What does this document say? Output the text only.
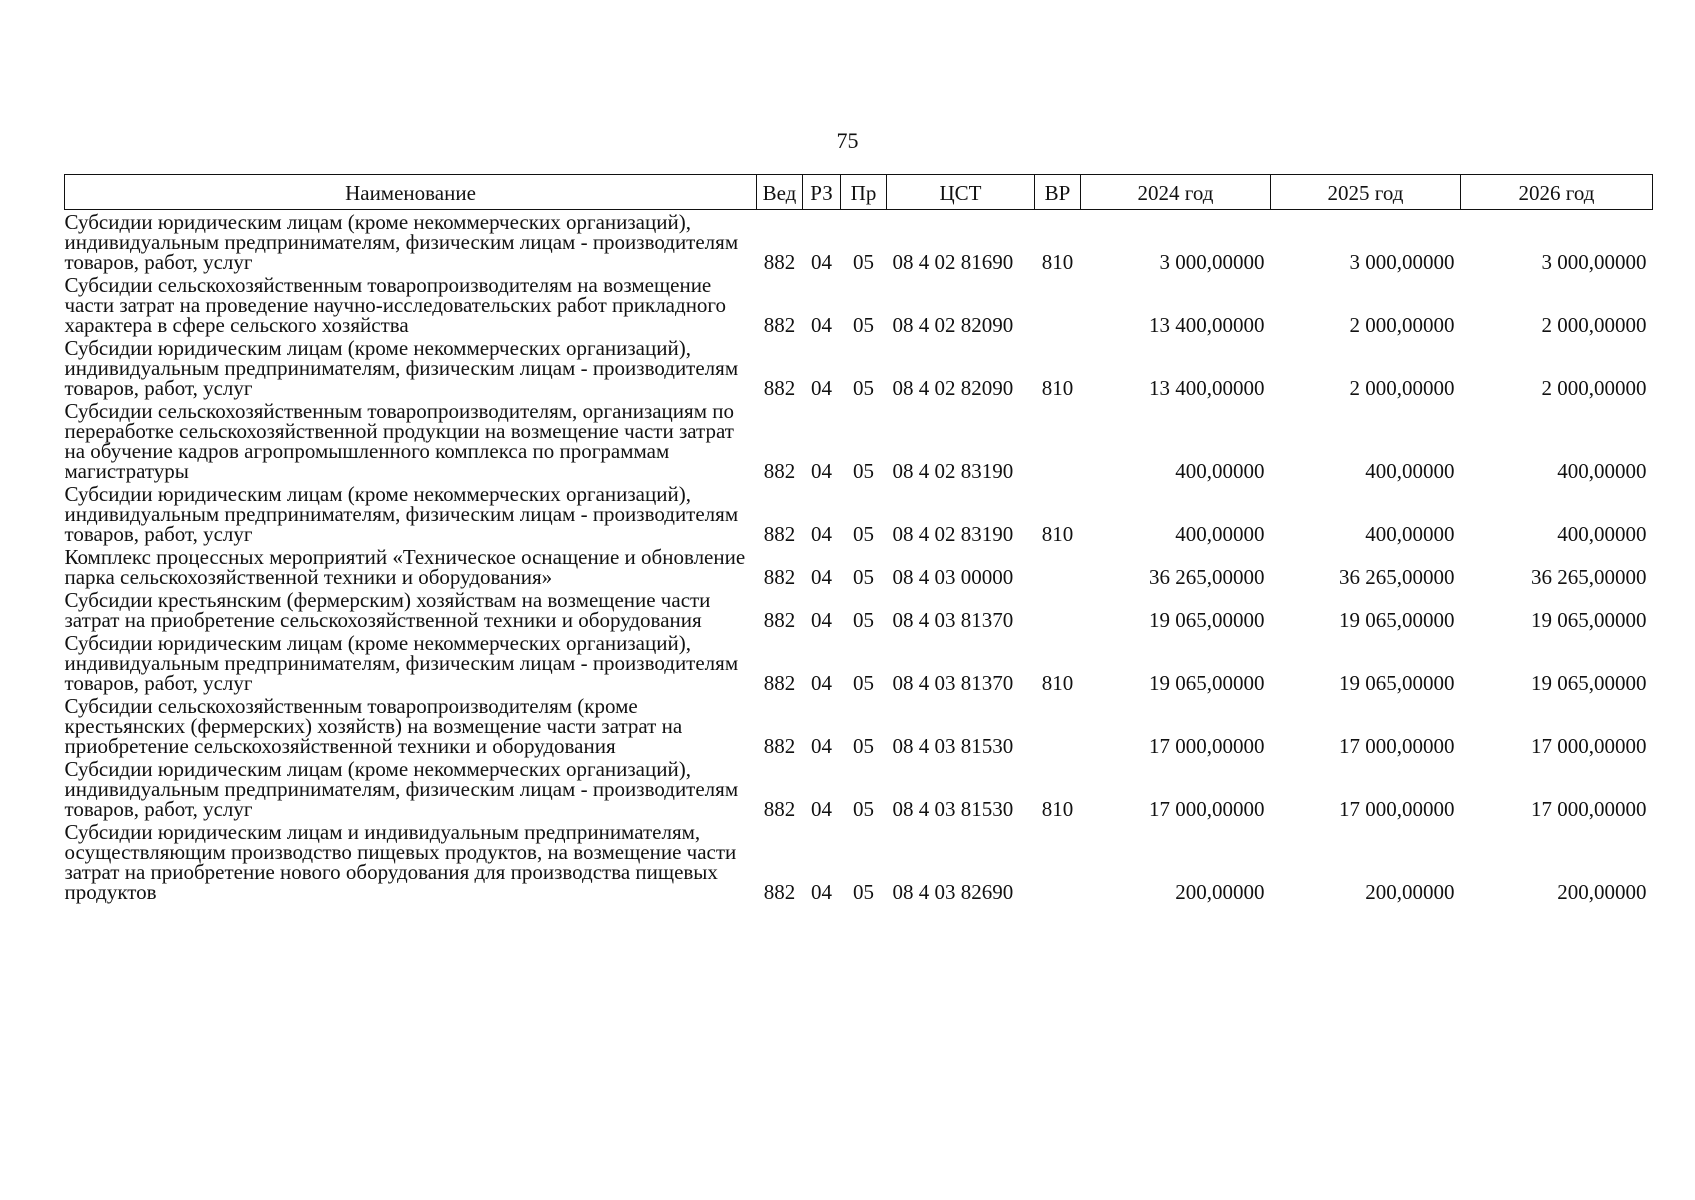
75
Наименование	Вед	РЗ	Пр	ЦСТ	ВР	2024 год	2025 год	2026 год
Субсидии юридическим лицам (кроме некоммерческих организаций), индивидуальным предпринимателям, физическим лицам - производителям товаров, работ, услуг	882	04	05	08 4 02 81690	810	3 000,00000	3 000,00000	3 000,00000
Субсидии сельскохозяйственным товаропроизводителям на возмещение части затрат на проведение научно-исследовательских работ прикладного характера в сфере сельского хозяйства	882	04	05	08 4 02 82090		13 400,00000	2 000,00000	2 000,00000
Субсидии юридическим лицам (кроме некоммерческих организаций), индивидуальным предпринимателям, физическим лицам - производителям товаров, работ, услуг	882	04	05	08 4 02 82090	810	13 400,00000	2 000,00000	2 000,00000
Субсидии сельскохозяйственным товаропроизводителям, организациям по переработке сельскохозяйственной продукции на возмещение части затрат на обучение кадров агропромышленного комплекса по программам магистратуры	882	04	05	08 4 02 83190		400,00000	400,00000	400,00000
Субсидии юридическим лицам (кроме некоммерческих организаций), индивидуальным предпринимателям, физическим лицам - производителям товаров, работ, услуг	882	04	05	08 4 02 83190	810	400,00000	400,00000	400,00000
Комплекс процессных мероприятий «Техническое оснащение и обновление парка сельскохозяйственной техники и оборудования»	882	04	05	08 4 03 00000		36 265,00000	36 265,00000	36 265,00000
Субсидии крестьянским (фермерским) хозяйствам на возмещение части затрат на приобретение сельскохозяйственной техники и оборудования	882	04	05	08 4 03 81370		19 065,00000	19 065,00000	19 065,00000
Субсидии юридическим лицам (кроме некоммерческих организаций), индивидуальным предпринимателям, физическим лицам - производителям товаров, работ, услуг	882	04	05	08 4 03 81370	810	19 065,00000	19 065,00000	19 065,00000
Субсидии сельскохозяйственным товаропроизводителям (кроме крестьянских (фермерских) хозяйств) на возмещение части затрат на приобретение сельскохозяйственной техники и оборудования	882	04	05	08 4 03 81530		17 000,00000	17 000,00000	17 000,00000
Субсидии юридическим лицам (кроме некоммерческих организаций), индивидуальным предпринимателям, физическим лицам - производителям товаров, работ, услуг	882	04	05	08 4 03 81530	810	17 000,00000	17 000,00000	17 000,00000
Субсидии юридическим лицам и индивидуальным предпринимателям, осуществляющим производство пищевых продуктов, на возмещение части затрат на приобретение нового оборудования для производства пищевых продуктов	882	04	05	08 4 03 82690		200,00000	200,00000	200,00000
